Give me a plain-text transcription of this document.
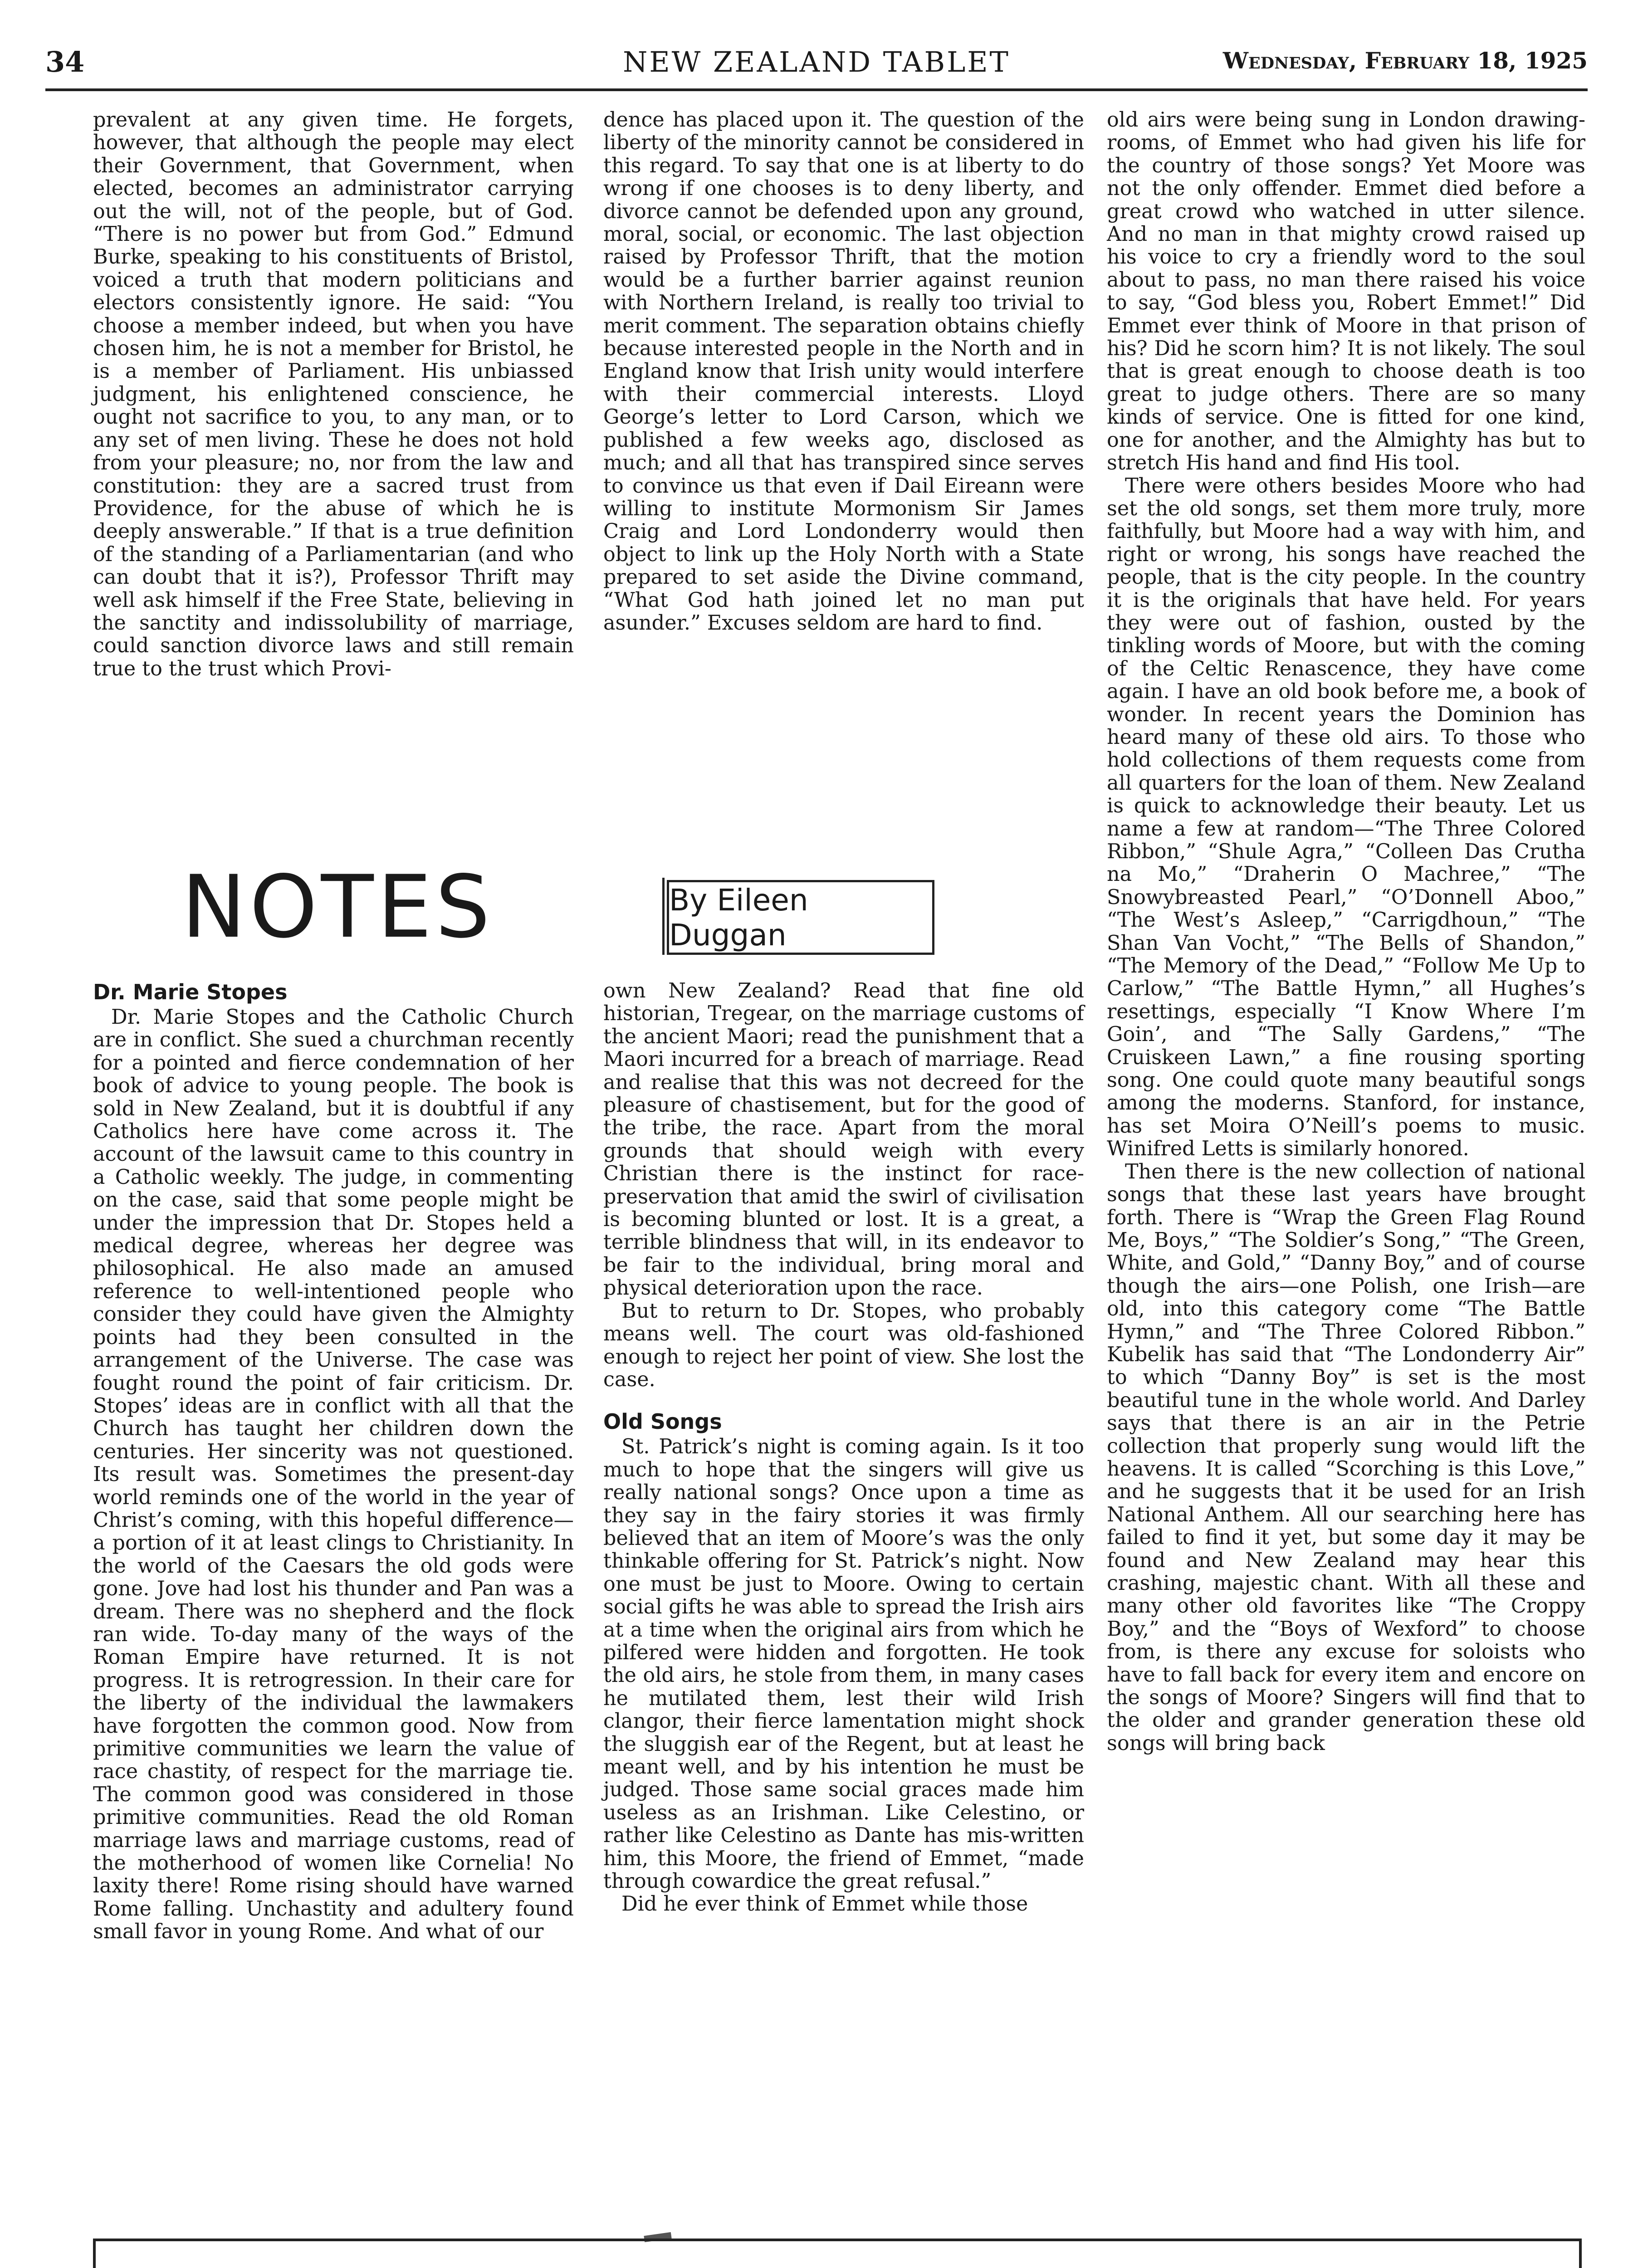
34	NEW ZEALAND TABLET	Wednesday, February 18, 1925

prevalent at any given time. He forgets, however, that although the people may elect their Government, that Government, when elected, becomes an administrator carrying out the will, not of the people, but of God. “There is no power but from God.” Edmund Burke, speaking to his constituents of Bristol, voiced a truth that modern politicians and electors consistently ignore. He said: “You choose a member indeed, but when you have chosen him, he is not a member for Bristol, he is a member of Parliament. His unbiassed judgment, his enlightened conscience, he ought not sacrifice to you, to any man, or to any set of men living. These he does not hold from your pleasure; no, nor from the law and constitution: they are a sacred trust from Providence, for the abuse of which he is deeply answerable.” If that is a true definition of the standing of a Parliamentarian (and who can doubt that it is?), Professor Thrift may well ask himself if the Free State, believing in the sanctity and indissolubility of marriage, could sanction divorce laws and still remain true to the trust which Provi-

dence has placed upon it. The question of the liberty of the minority cannot be considered in this regard. To say that one is at liberty to do wrong if one chooses is to deny liberty, and divorce cannot be defended upon any ground, moral, social, or economic. The last objection raised by Professor Thrift, that the motion would be a further barrier against reunion with Northern Ireland, is really too trivial to merit comment. The separation obtains chiefly because interested people in the North and in England know that Irish unity would interfere with their commercial interests. Lloyd George’s letter to Lord Carson, which we published a few weeks ago, disclosed as much; and all that has transpired since serves to convince us that even if Dail Eireann were willing to institute Mormonism Sir James Craig and Lord Londonderry would then object to link up the Holy North with a State prepared to set aside the Divine command, “What God hath joined let no man put asunder.” Excuses seldom are hard to find.

NOTES	By Eileen Duggan
Dr. Marie Stopes

Dr. Marie Stopes and the Catholic Church are in conflict. She sued a churchman recently for a pointed and fierce condemnation of her book of advice to young people. The book is sold in New Zealand, but it is doubtful if any Catholics here have come across it. The account of the lawsuit came to this country in a Catholic weekly. The judge, in commenting on the case, said that some people might be under the impression that Dr. Stopes held a medical degree, whereas her degree was philosophical. He also made an amused reference to well-intentioned people who consider they could have given the Almighty points had they been consulted in the arrangement of the Universe. The case was fought round the point of fair criticism. Dr. Stopes’ ideas are in conflict with all that the Church has taught her children down the centuries. Her sincerity was not questioned. Its result was. Sometimes the present-day world reminds one of the world in the year of Christ’s coming, with this hopeful difference—a portion of it at least clings to Christianity. In the world of the Caesars the old gods were gone. Jove had lost his thunder and Pan was a dream. There was no shepherd and the flock ran wide. To-day many of the ways of the Roman Empire have returned. It is not progress. It is retrogression. In their care for the liberty of the individual the lawmakers have forgotten the common good. Now from primitive communities we learn the value of race chastity, of respect for the marriage tie. The common good was considered in those primitive communities. Read the old Roman marriage laws and marriage customs, read of the motherhood of women like Cornelia! No laxity there! Rome rising should have warned Rome falling. Unchastity and adultery found small favor in young Rome. And what of our

own New Zealand? Read that fine old historian, Tregear, on the marriage customs of the ancient Maori; read the punishment that a Maori incurred for a breach of marriage. Read and realise that this was not decreed for the pleasure of chastisement, but for the good of the tribe, the race. Apart from the moral grounds that should weigh with every Christian there is the instinct for race-preservation that amid the swirl of civilisation is becoming blunted or lost. It is a great, a terrible blindness that will, in its endeavor to be fair to the individual, bring moral and physical deterioration upon the race.

But to return to Dr. Stopes, who probably means well. The court was old-fashioned enough to reject her point of view. She lost the case.

Old Songs

St. Patrick’s night is coming again. Is it too much to hope that the singers will give us really national songs? Once upon a time as they say in the fairy stories it was firmly believed that an item of Moore’s was the only thinkable offering for St. Patrick’s night. Now one must be just to Moore. Owing to certain social gifts he was able to spread the Irish airs at a time when the original airs from which he pilfered were hidden and forgotten. He took the old airs, he stole from them, in many cases he mutilated them, lest their wild Irish clangor, their fierce lamentation might shock the sluggish ear of the Regent, but at least he meant well, and by his intention he must be judged. Those same social graces made him useless as an Irishman. Like Celestino, or rather like Celestino as Dante has mis-written him, this Moore, the friend of Emmet, “made through cowardice the great refusal.”

Did he ever think of Emmet while those

old airs were being sung in London drawing-rooms, of Emmet who had given his life for the country of those songs? Yet Moore was not the only offender. Emmet died before a great crowd who watched in utter silence. And no man in that mighty crowd raised up his voice to cry a friendly word to the soul about to pass, no man there raised his voice to say, “God bless you, Robert Emmet!” Did Emmet ever think of Moore in that prison of his? Did he scorn him? It is not likely. The soul that is great enough to choose death is too great to judge others. There are so many kinds of service. One is fitted for one kind, one for another, and the Almighty has but to stretch His hand and find His tool.

There were others besides Moore who had set the old songs, set them more truly, more faithfully, but Moore had a way with him, and right or wrong, his songs have reached the people, that is the city people. In the country it is the originals that have held. For years they were out of fashion, ousted by the tinkling words of Moore, but with the coming of the Celtic Renascence, they have come again. I have an old book before me, a book of wonder. In recent years the Dominion has heard many of these old airs. To those who hold collections of them requests come from all quarters for the loan of them. New Zealand is quick to acknowledge their beauty. Let us name a few at random—“The Three Colored Ribbon,” “Shule Agra,” “Colleen Das Crutha na Mo,” “Draherin O Machree,” “The Snowybreasted Pearl,” “O’Donnell Aboo,” “The West’s Asleep,” “Carrigdhoun,” “The Shan Van Vocht,” “The Bells of Shandon,” “The Memory of the Dead,” “Follow Me Up to Carlow,” “The Battle Hymn,” all Hughes’s resettings, especially “I Know Where I’m Goin’, and “The Sally Gardens,” “The Cruiskeen Lawn,” a fine rousing sporting song. One could quote many beautiful songs among the moderns. Stanford, for instance, has set Moira O’Neill’s poems to music. Winifred Letts is similarly honored.

Then there is the new collection of national songs that these last years have brought forth. There is “Wrap the Green Flag Round Me, Boys,” “The Soldier’s Song,” “The Green, White, and Gold,” “Danny Boy,” and of course though the airs—one Polish, one Irish—are old, into this category come “The Battle Hymn,” and “The Three Colored Ribbon.” Kubelik has said that “The Londonderry Air” to which “Danny Boy” is set is the most beautiful tune in the whole world. And Darley says that there is an air in the Petrie collection that properly sung would lift the heavens. It is called “Scorching is this Love,” and he suggests that it be used for an Irish National Anthem. All our searching here has failed to find it yet, but some day it may be found and New Zealand may hear this crashing, majestic chant. With all these and many other old favorites like “The Croppy Boy,” and the “Boys of Wexford” to choose from, is there any excuse for soloists who have to fall back for every item and encore on the songs of Moore? Singers will find that to the older and grander generation these old songs will bring back
